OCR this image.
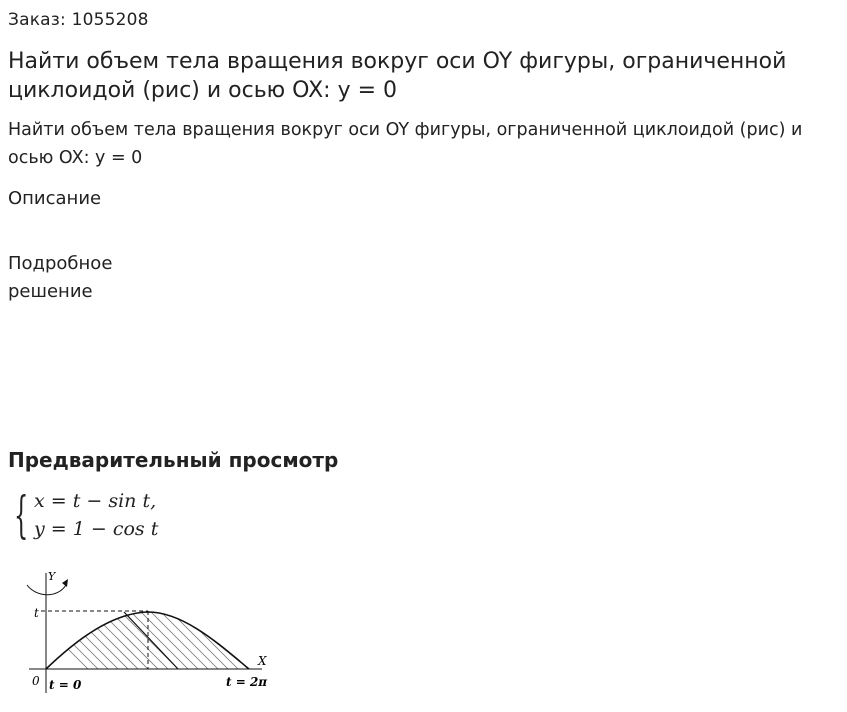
Заказ: 1055208
Найти объем тела вращения вокруг оси OY фигуры, ограниченной циклоидой (рис) и осью OX: y = 0
Найти объем тела вращения вокруг оси OY фигуры, ограниченной циклоидой (рис) и осью OX: y = 0
Описание
Подробное решение
Предварительный просмотр
{ x = t − sin t,
y = 1 − cos t
Y
X
0
t
t = 0	t = 2π
